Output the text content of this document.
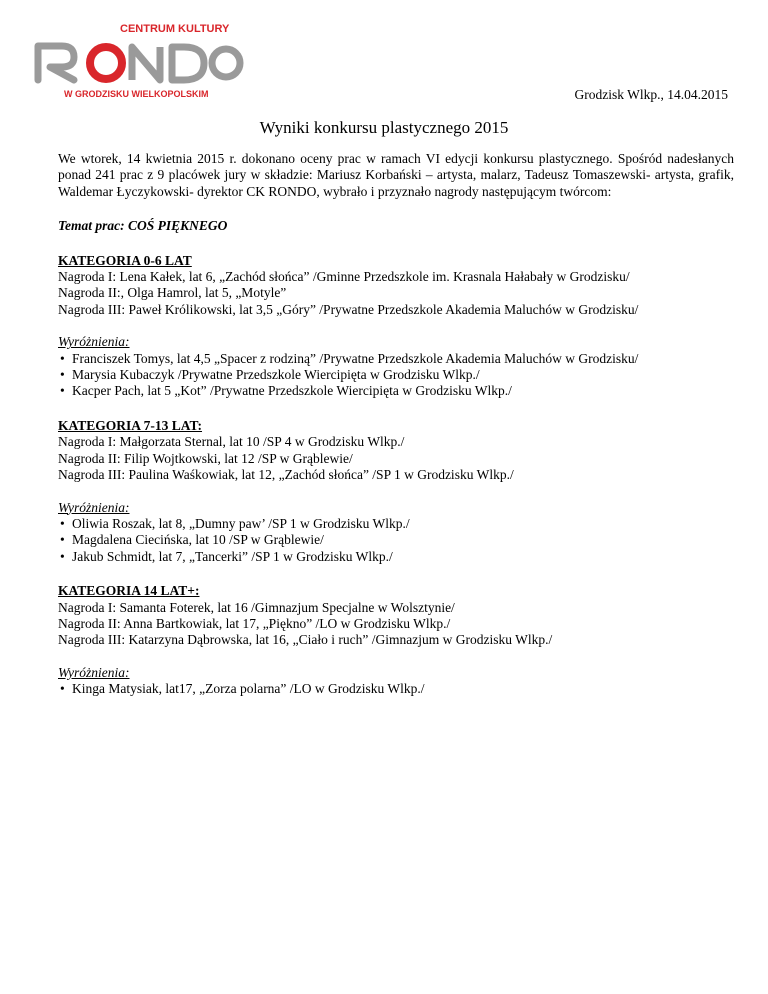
CENTRUM KULTURY
W GRODZISKU WIELKOPOLSKIM	Grodzisk Wlkp., 14.04.2015
Wyniki konkursu plastycznego 2015

We wtorek, 14 kwietnia 2015 r. dokonano oceny prac w ramach VI edycji konkursu plastycznego. Spośród nadesłanych ponad 241 prac z 9 placówek jury w składzie: Mariusz Korbański – artysta, malarz, Tadeusz Tomaszewski- artysta, grafik, Waldemar Łyczykowski- dyrektor CK RONDO, wybrało i przyznało nagrody następującym twórcom:

Temat prac: COŚ PIĘKNEGO

KATEGORIA 0-6 LAT
Nagroda I: Lena Kałek, lat 6, „Zachód słońca” /Gminne Przedszkole im. Krasnala Hałabały w Grodzisku/
Nagroda II:, Olga Hamrol, lat 5, „Motyle”
Nagroda III: Paweł Królikowski, lat 3,5 „Góry” /Prywatne Przedszkole Akademia Maluchów w Grodzisku/
Wyróżnienia:
• Franciszek Tomys, lat 4,5 „Spacer z rodziną” /Prywatne Przedszkole Akademia Maluchów w Grodzisku/
• Marysia Kubaczyk /Prywatne Przedszkole Wiercipięta w Grodzisku Wlkp./
• Kacper Pach, lat 5 „Kot” /Prywatne Przedszkole Wiercipięta w Grodzisku Wlkp./
KATEGORIA 7-13 LAT:
Nagroda I: Małgorzata Sternal, lat 10 /SP 4 w Grodzisku Wlkp./
Nagroda II: Filip Wojtkowski, lat 12 /SP w Grąblewie/
Nagroda III: Paulina Waśkowiak, lat 12, „Zachód słońca” /SP 1 w Grodzisku Wlkp./
Wyróżnienia:
• Oliwia Roszak, lat 8, „Dumny paw’ /SP 1 w Grodzisku Wlkp./
• Magdalena Ciecińska, lat 10 /SP w Grąblewie/
• Jakub Schmidt, lat 7, „Tancerki” /SP 1 w Grodzisku Wlkp./
KATEGORIA 14 LAT+:
Nagroda I: Samanta Foterek, lat 16 /Gimnazjum Specjalne w Wolsztynie/
Nagroda II: Anna Bartkowiak, lat 17, „Piękno” /LO w Grodzisku Wlkp./
Nagroda III: Katarzyna Dąbrowska, lat 16, „Ciało i ruch” /Gimnazjum w Grodzisku Wlkp./
Wyróżnienia:
• Kinga Matysiak, lat17, „Zorza polarna” /LO w Grodzisku Wlkp./
